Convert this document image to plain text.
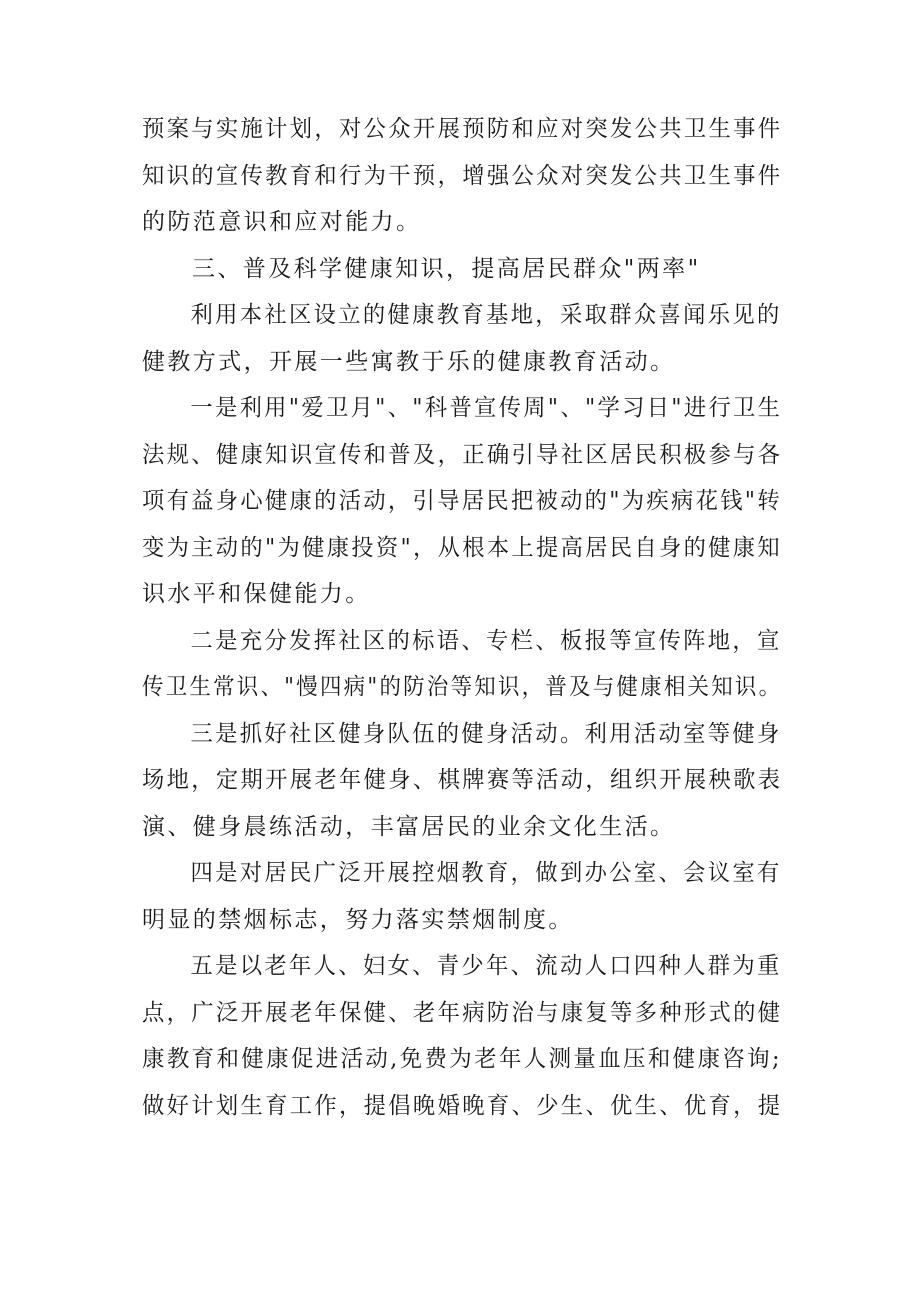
预案与实施计划，对公众开展预防和应对突发公共卫生事件
知识的宣传教育和行为干预，增强公众对突发公共卫生事件
的防范意识和应对能力。
三、普及科学健康知识，提高居民群众"两率"
利用本社区设立的健康教育基地，采取群众喜闻乐见的
健教方式，开展一些寓教于乐的健康教育活动。
一是利用"爱卫月"、"科普宣传周"、"学习日"进行卫生
法规、健康知识宣传和普及，正确引导社区居民积极参与各
项有益身心健康的活动，引导居民把被动的"为疾病花钱"转
变为主动的"为健康投资"，从根本上提高居民自身的健康知
识水平和保健能力。
二是充分发挥社区的标语、专栏、板报等宣传阵地，宣
传卫生常识、"慢四病"的防治等知识，普及与健康相关知识。
三是抓好社区健身队伍的健身活动。利用活动室等健身
场地，定期开展老年健身、棋牌赛等活动，组织开展秧歌表
演、健身晨练活动，丰富居民的业余文化生活。
四是对居民广泛开展控烟教育，做到办公室、会议室有
明显的禁烟标志，努力落实禁烟制度。
五是以老年人、妇女、青少年、流动人口四种人群为重
点，广泛开展老年保健、老年病防治与康复等多种形式的健
康教育和健康促进活动,免费为老年人测量血压和健康咨询;
做好计划生育工作，提倡晚婚晚育、少生、优生、优育，提
